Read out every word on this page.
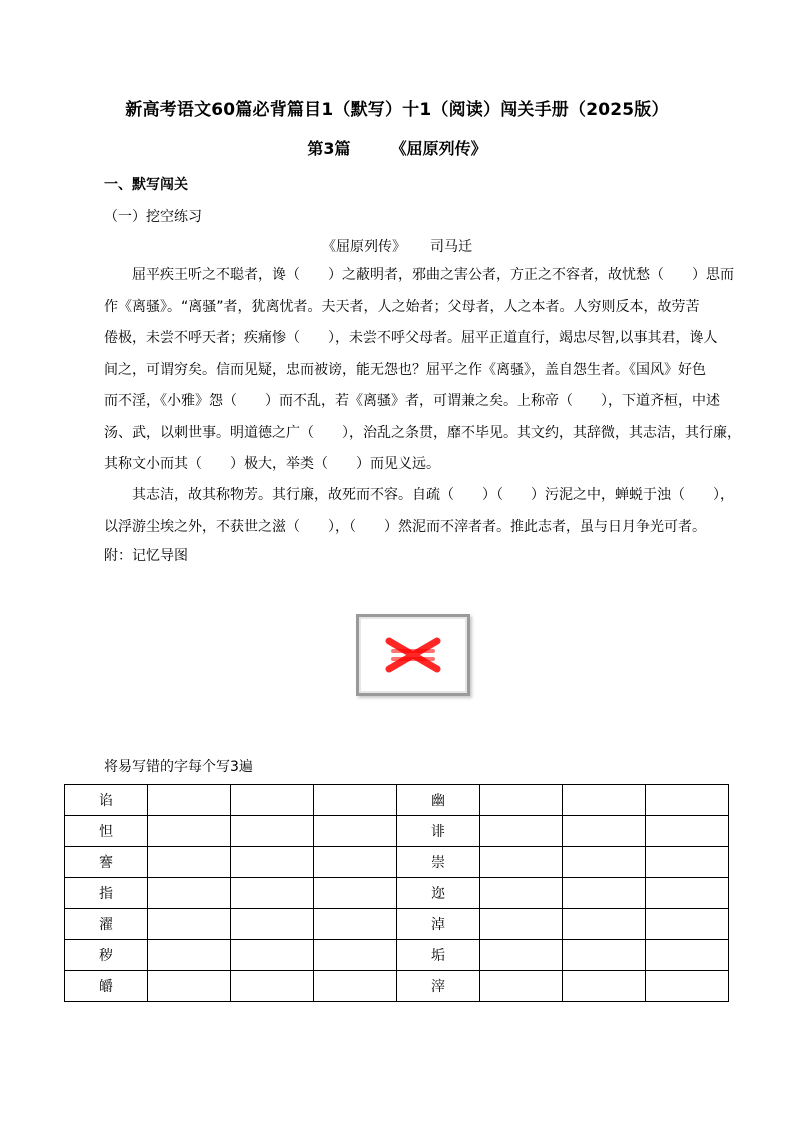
新高考语文60篇必背篇目1（默写）十1（阅读）闯关手册（2025版）
第3篇	《屈原列传》
一、默写闯关
（一）挖空练习
《屈原列传》 司马迁
　　屈平疾王听之不聪者，谗（　　）之蔽明者，邪曲之害公者，方正之不容者，故忧愁（　　）思而
作《离骚》。“离骚”者，犹离忧者。夫天者，人之始者；父母者，人之本者。人穷则反本，故劳苦
倦极，未尝不呼天者；疾痛惨（　　），未尝不呼父母者。屈平正道直行，竭忠尽智,以事其君，谗人
间之，可谓穷矣。信而见疑，忠而被谤，能无怨也？屈平之作《离骚》，盖自怨生者。《国风》好色
而不淫，《小雅》怨（　　）而不乱，若《离骚》者，可谓兼之矣。上称帝（　　），下道齐桓，中述
汤、武，以刺世事。明道德之广（　　），治乱之条贯，靡不毕见。其文约，其辞微，其志洁，其行廉，
其称文小而其（　　）极大，举类（　　）而见义远。
　　其志洁，故其称物芳。其行廉，故死而不容。自疏（　　）（　　）污泥之中，蝉蜕于浊（　　），
以浮游尘埃之外，不获世之滋（　　），（　　）然泥而不滓者者。推此志者，虽与日月争光可者。
附：记忆导图
将易写错的字每个写3遍
谄				幽			
怛				诽			
謇				崇			
指				迩			
濯				淖			
秽				垢			
皭				滓			
